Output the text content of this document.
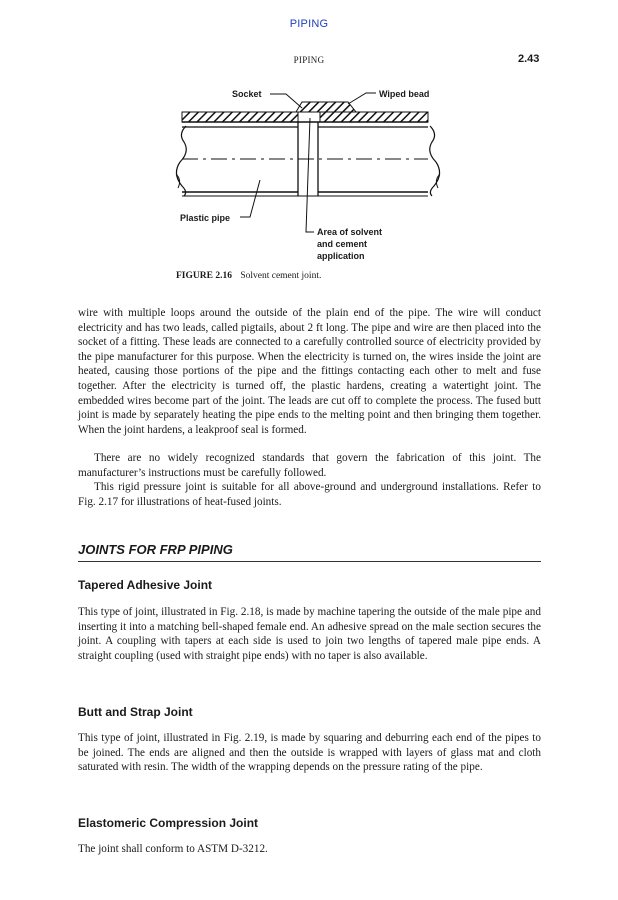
PIPING
PIPING	2.43
Socket	Wiped bead
Plastic pipe
Area of solvent
and cement
application
FIGURE 2.16 Solvent cement joint.

wire with multiple loops around the outside of the plain end of the pipe. The wire will conduct electricity and has two leads, called pigtails, about 2 ft long. The pipe and wire are then placed into the socket of a fitting. These leads are connected to a carefully controlled source of electricity provided by the pipe manufacturer for this purpose. When the electricity is turned on, the wires inside the joint are heated, causing those portions of the pipe and the fittings contacting each other to melt and fuse together. After the electricity is turned off, the plastic hardens, creating a watertight joint. The embedded wires become part of the joint. The leads are cut off to complete the process. The fused butt joint is made by separately heating the pipe ends to the melting point and then bringing them together. When the joint hardens, a leakproof seal is formed.

There are no widely recognized standards that govern the fabrication of this joint. The manufacturer’s instructions must be carefully followed.

This rigid pressure joint is suitable for all above-ground and underground installations. Refer to Fig. 2.17 for illustrations of heat-fused joints.

JOINTS FOR FRP PIPING
Tapered Adhesive Joint

This type of joint, illustrated in Fig. 2.18, is made by machine tapering the outside of the male pipe and inserting it into a matching bell-shaped female end. An adhesive spread on the male section secures the joint. A coupling with tapers at each side is used to join two lengths of tapered male pipe ends. A straight coupling (used with straight pipe ends) with no taper is also available.

Butt and Strap Joint

This type of joint, illustrated in Fig. 2.19, is made by squaring and deburring each end of the pipes to be joined. The ends are aligned and then the outside is wrapped with layers of glass mat and cloth saturated with resin. The width of the wrapping depends on the pressure rating of the pipe.

Elastomeric Compression Joint

The joint shall conform to ASTM D-3212.
